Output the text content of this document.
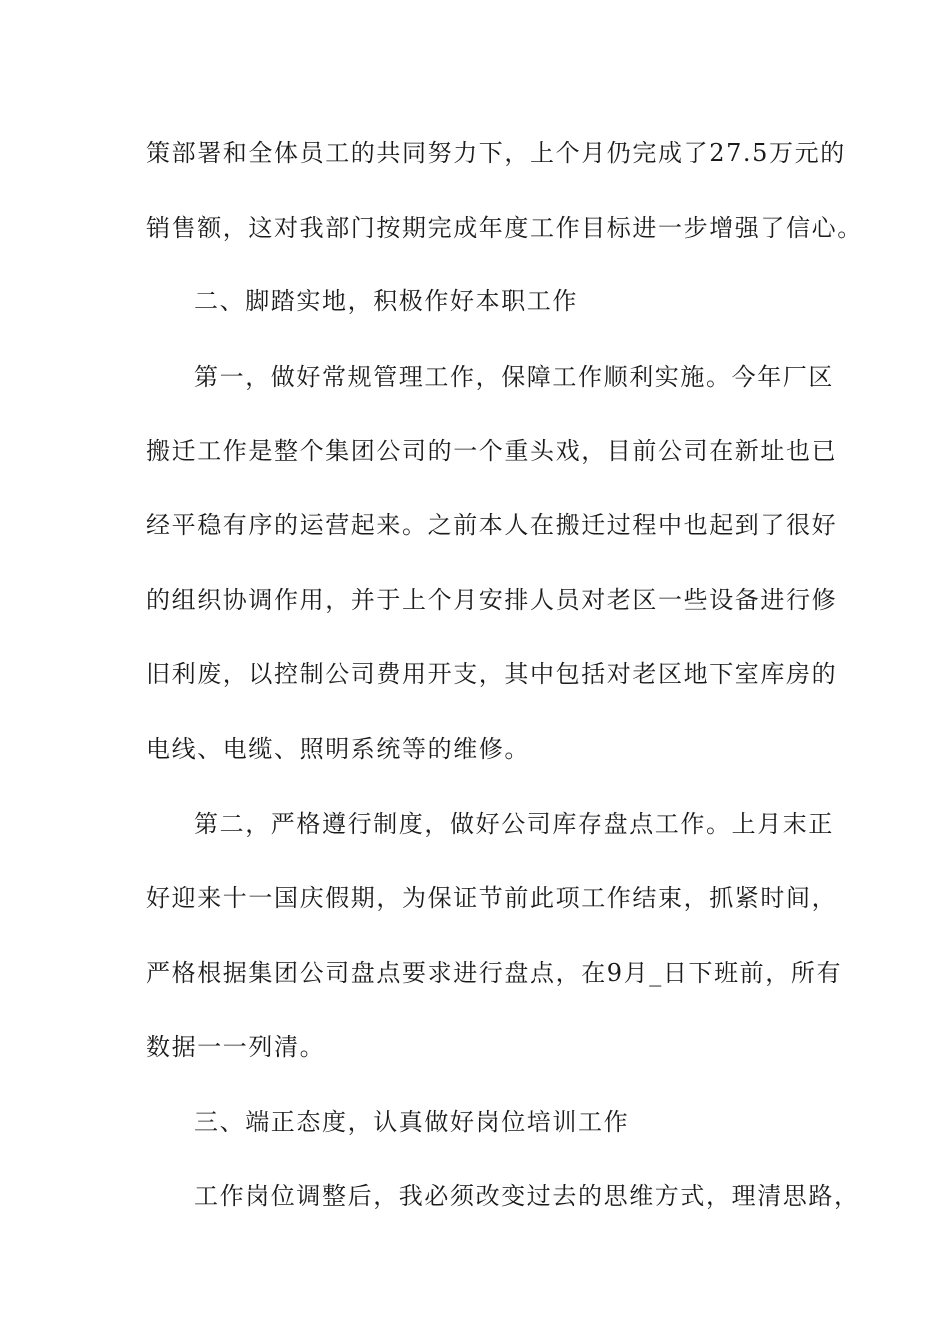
策部署和全体员工的共同努力下，上个月仍完成了27.5万元的
销售额，这对我部门按期完成年度工作目标进一步增强了信心。
二、脚踏实地，积极作好本职工作
第一，做好常规管理工作，保障工作顺利实施。今年厂区
搬迁工作是整个集团公司的一个重头戏，目前公司在新址也已
经平稳有序的运营起来。之前本人在搬迁过程中也起到了很好
的组织协调作用，并于上个月安排人员对老区一些设备进行修
旧利废，以控制公司费用开支，其中包括对老区地下室库房的
电线、电缆、照明系统等的维修。
第二，严格遵行制度，做好公司库存盘点工作。上月末正
好迎来十一国庆假期，为保证节前此项工作结束，抓紧时间，
严格根据集团公司盘点要求进行盘点，在9月_日下班前，所有
数据一一列清。
三、端正态度，认真做好岗位培训工作
工作岗位调整后，我必须改变过去的思维方式，理清思路，
